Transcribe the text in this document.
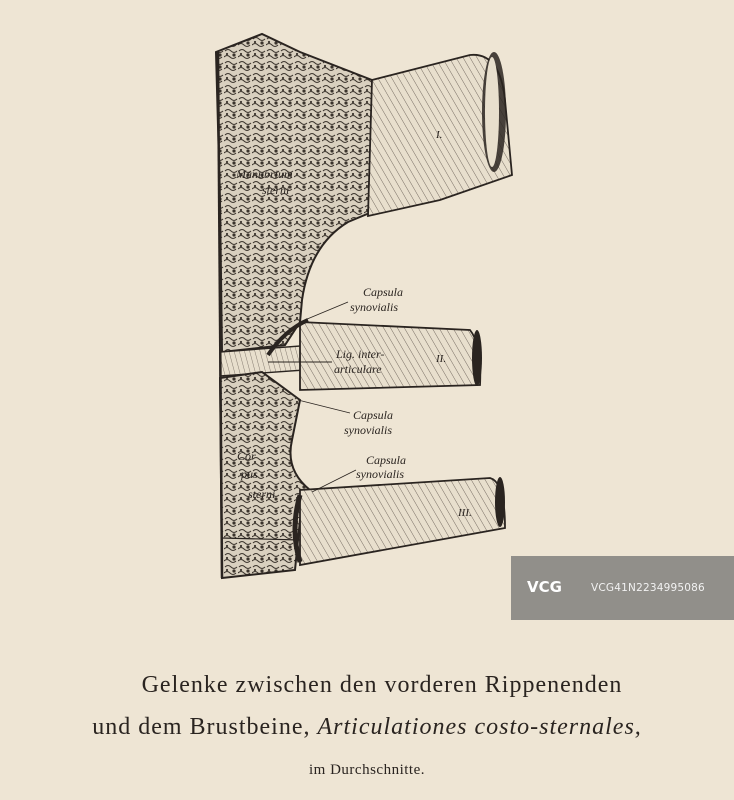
Manubrium
sterni
Cor
pus
sterni
Capsula
synovialis
Lig. inter-
articulare
Capsula
synovialis
Capsula
synovialis
I.
II.
III.
VCG	VCG41N2234995086
Gelenke zwischen den vorderen Rippenenden
und dem Brustbeine, Articulationes costo-sternales,
im Durchschnitte.
